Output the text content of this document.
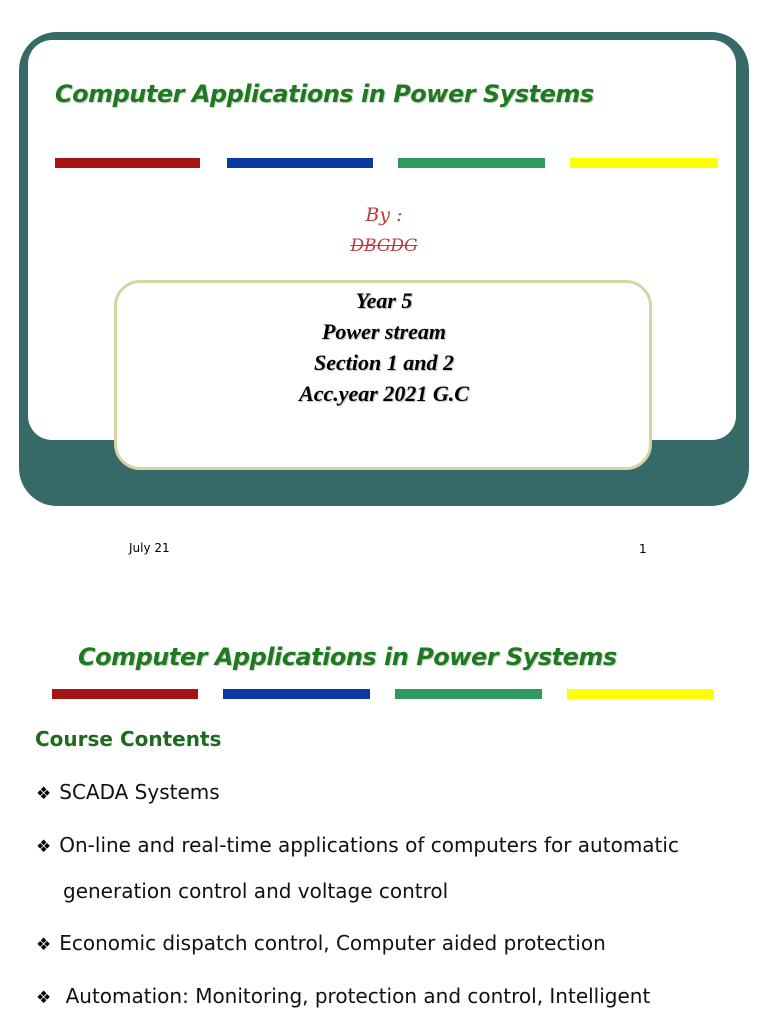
Computer Applications in Power Systems
By :
DBGDG
Year 5
Power stream
Section 1 and 2
Acc.year 2021 G.C
July 21	1
Computer Applications in Power Systems
Course Contents
❖ SCADA Systems
❖ On-line and real-time applications of computers for automatic
generation control and voltage control
❖ Economic dispatch control, Computer aided protection
❖ Automation: Monitoring, protection and control, Intelligent
